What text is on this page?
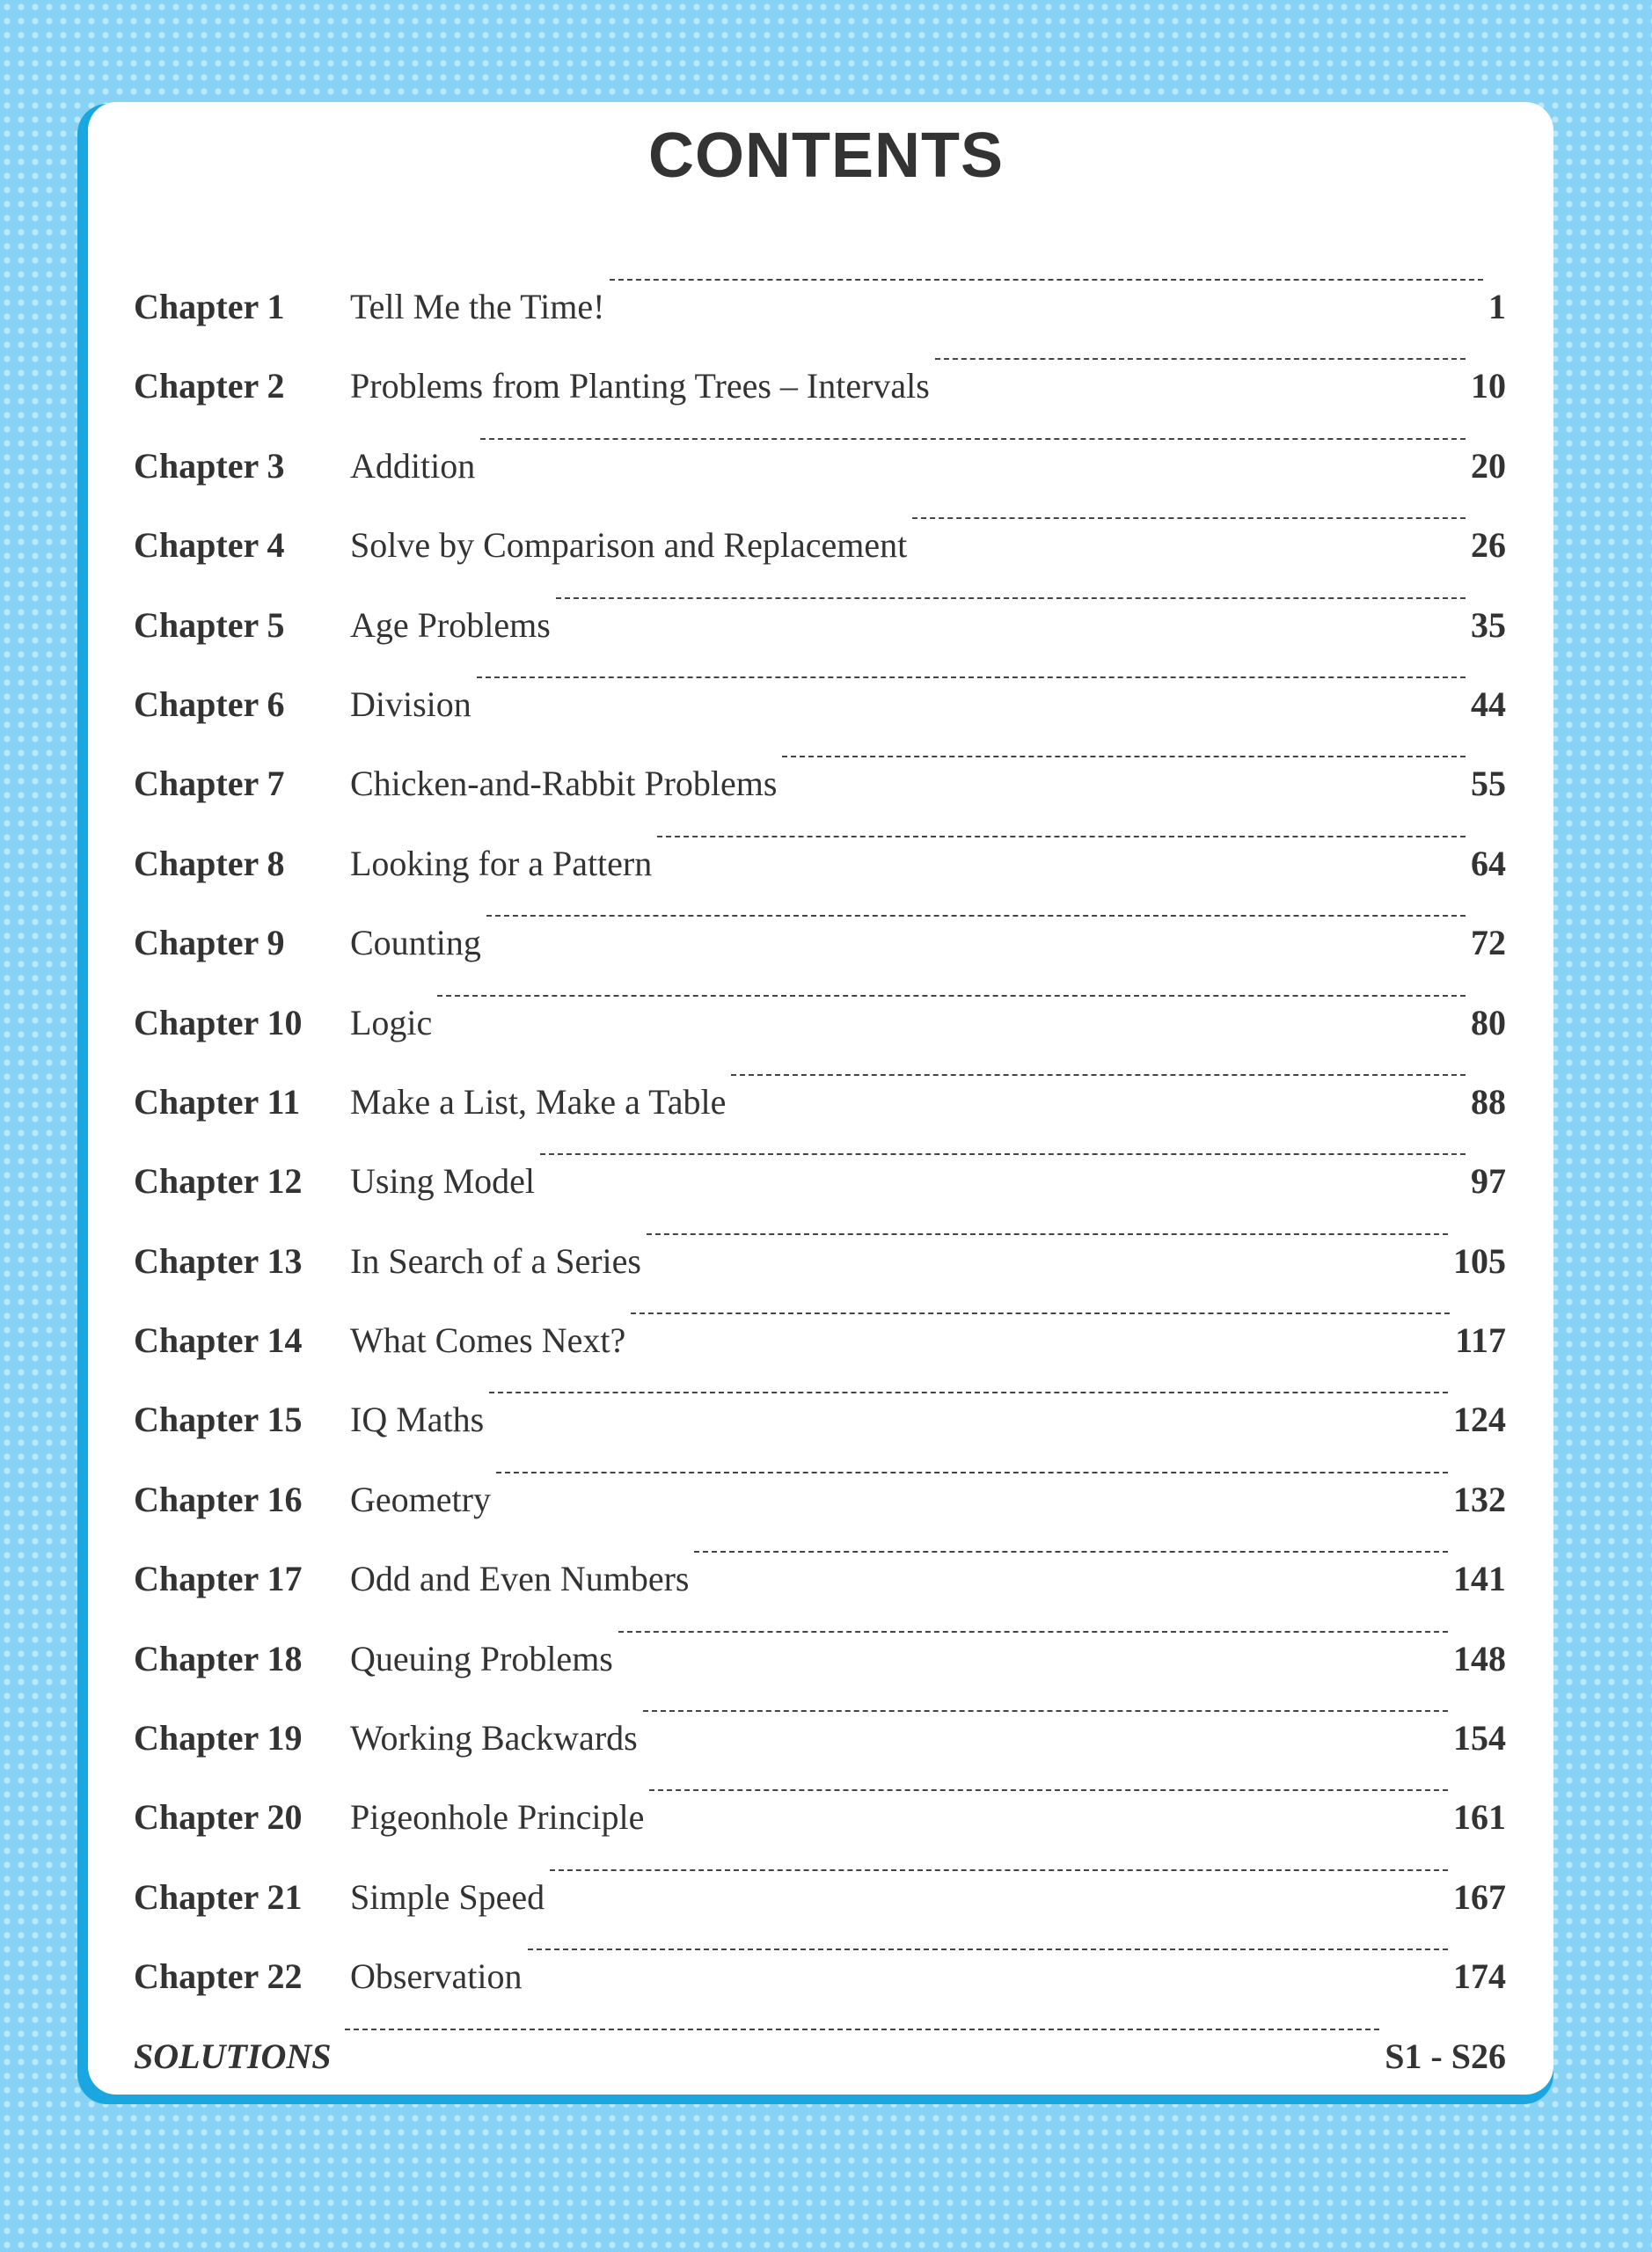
CONTENTS
Chapter 1	Tell Me the Time!	1
Chapter 2	Problems from Planting Trees – Intervals	10
Chapter 3	Addition	20
Chapter 4	Solve by Comparison and Replacement	26
Chapter 5	Age Problems	35
Chapter 6	Division	44
Chapter 7	Chicken-and-Rabbit Problems	55
Chapter 8	Looking for a Pattern	64
Chapter 9	Counting	72
Chapter 10	Logic	80
Chapter 11	Make a List, Make a Table	88
Chapter 12	Using Model	97
Chapter 13	In Search of a Series	105
Chapter 14	What Comes Next?	117
Chapter 15	IQ Maths	124
Chapter 16	Geometry	132
Chapter 17	Odd and Even Numbers	141
Chapter 18	Queuing Problems	148
Chapter 19	Working Backwards	154
Chapter 20	Pigeonhole Principle	161
Chapter 21	Simple Speed	167
Chapter 22	Observation	174
SOLUTIONS	S1 - S26
